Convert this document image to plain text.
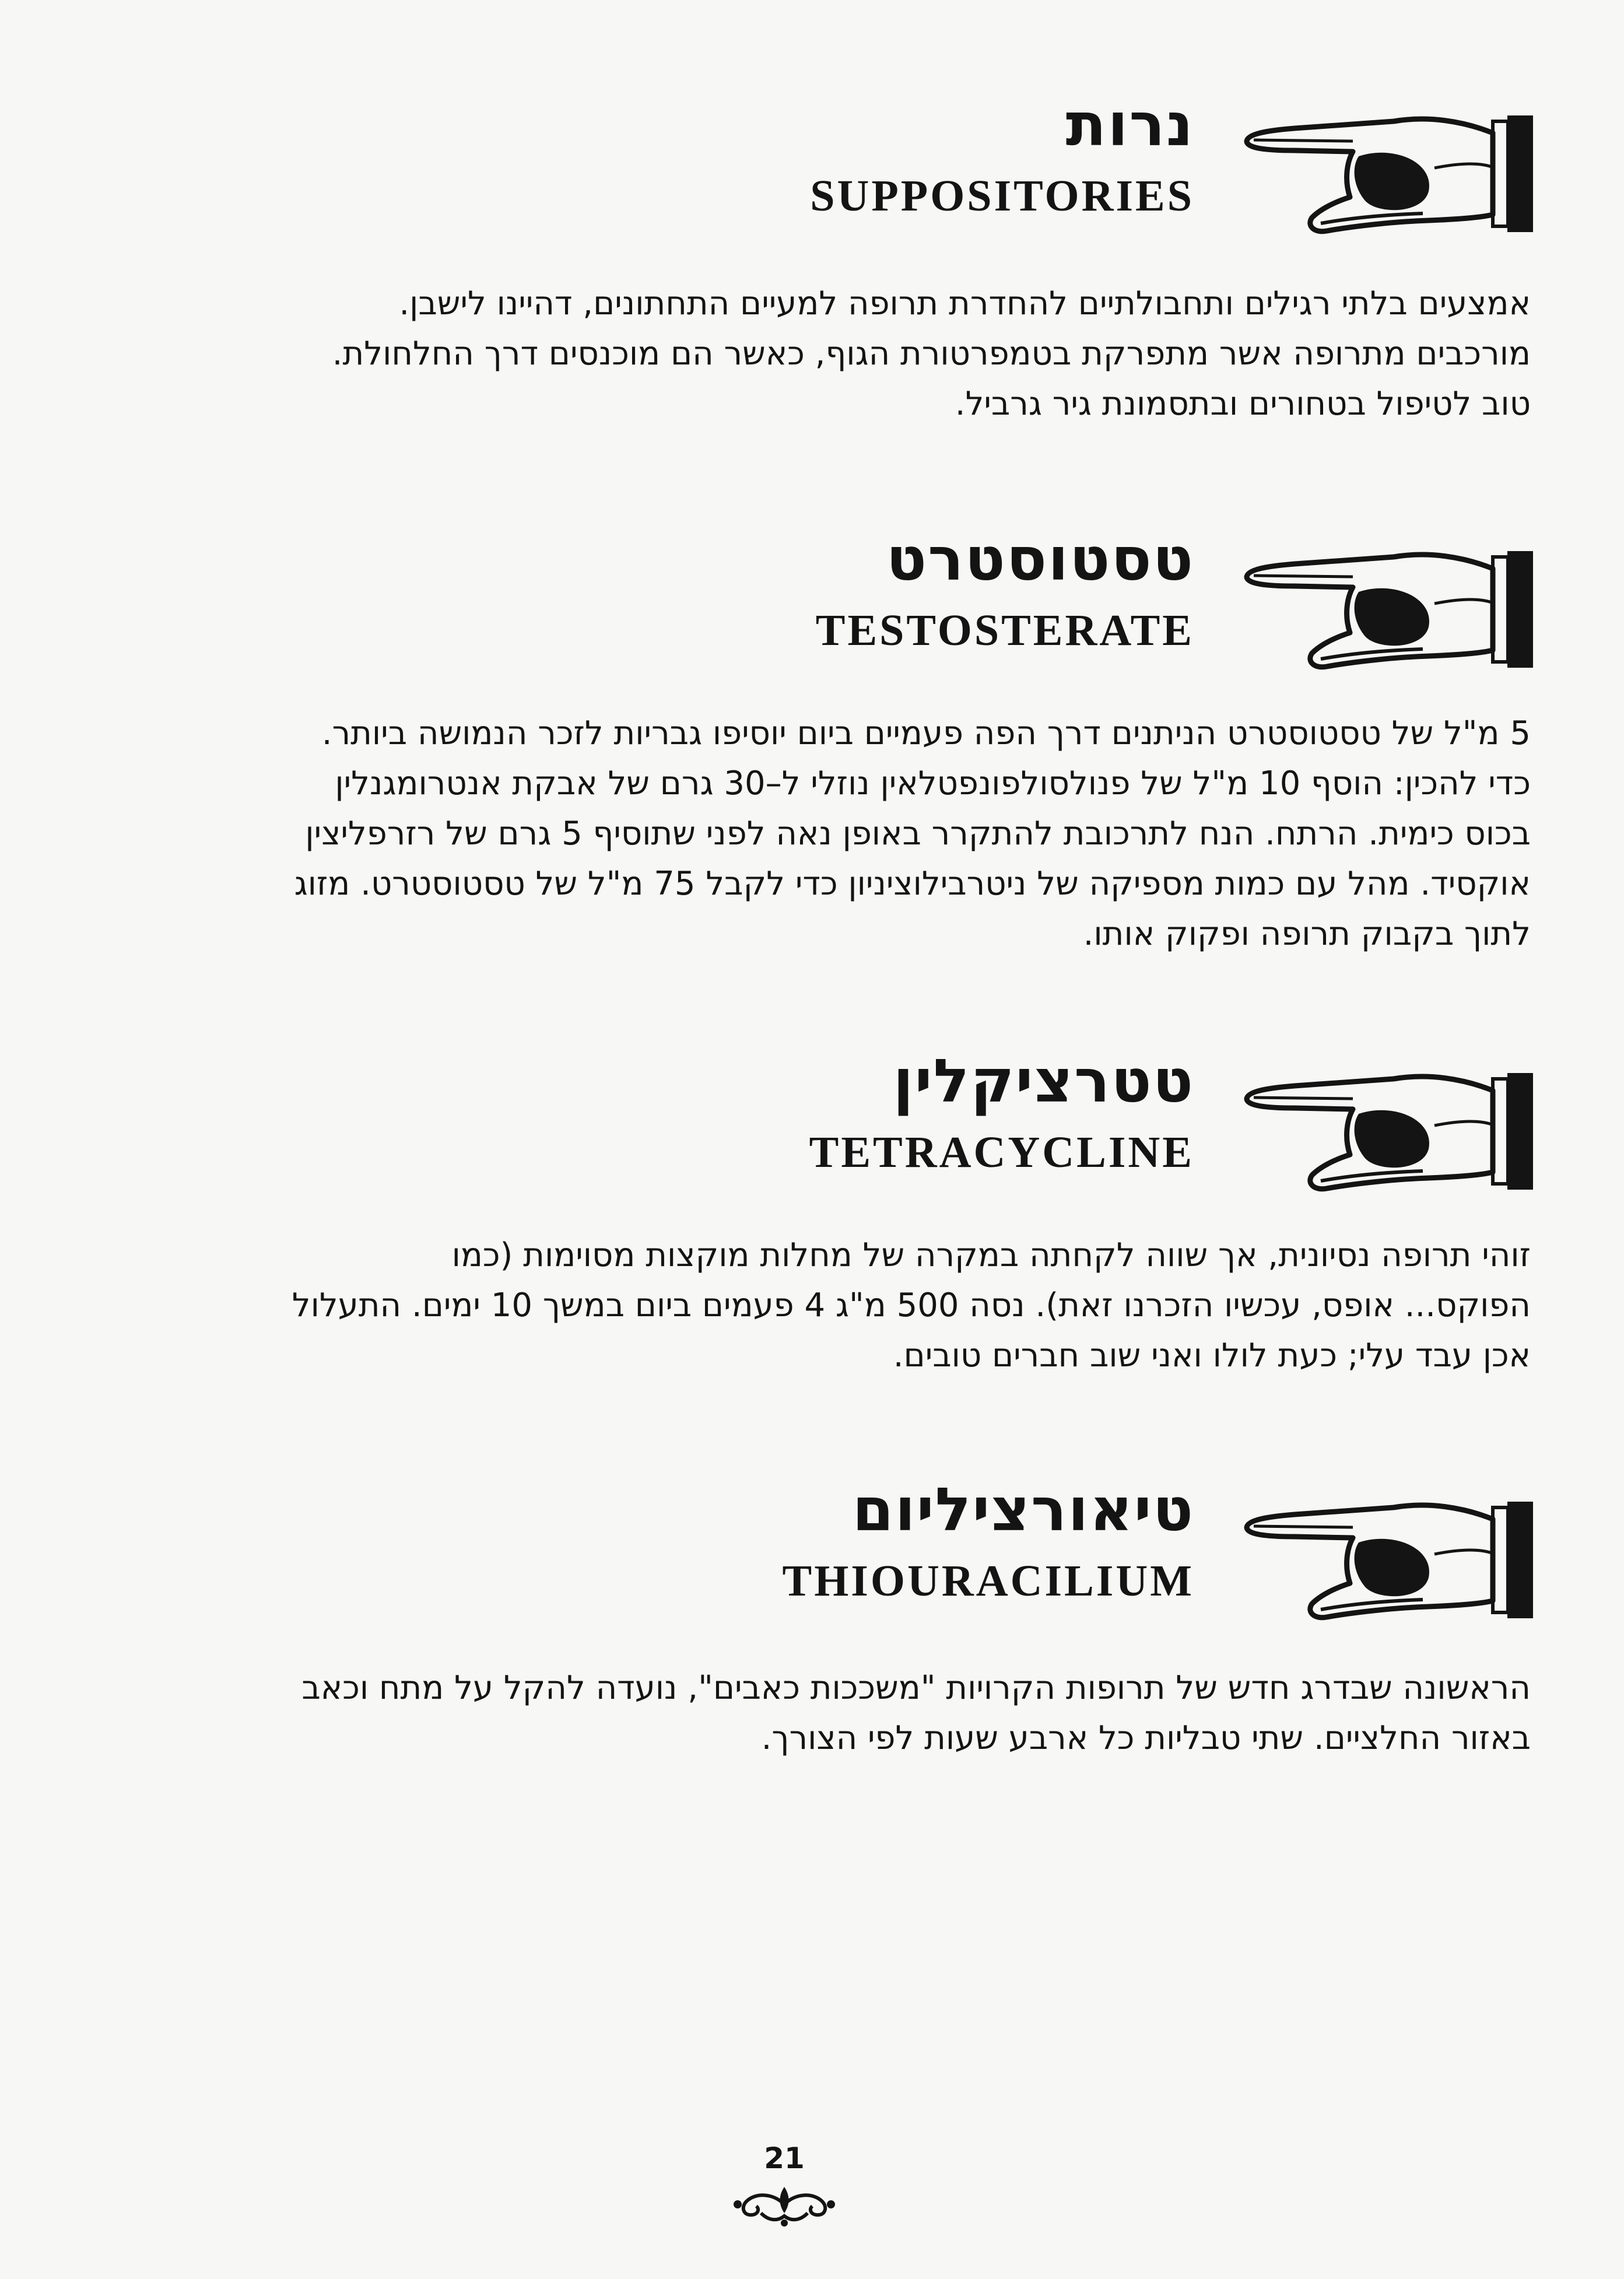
נרות
SUPPOSITORIES
אמצעים בלתי רגילים ותחבולתיים להחדרת תרופה למעיים התחתונים, דהיינו לישבן.
מורכבים מתרופה אשר מתפרקת בטמפרטורת הגוף, כאשר הם מוכנסים דרך החלחולת.
טוב לטיפול בטחורים ובתסמונת גיר גרביל.
טסטוסטרט
TESTOSTERATE
5 מ"ל של טסטוסטרט הניתנים דרך הפה פעמיים ביום יוסיפו גבריות לזכר הנמושה ביותר.
כדי להכין: הוסף 10 מ"ל של פנולסולפונפטלאין נוזלי ל–30 גרם של אבקת אנטרומגנלין
בכוס כימית. הרתח. הנח לתרכובת להתקרר באופן נאה לפני שתוסיף 5 גרם של רזרפליצין
אוקסיד. מהל עם כמות מספיקה של ניטרבילוציניון כדי לקבל 75 מ"ל של טסטוסטרט. מזוג
לתוך בקבוק תרופה ופקוק אותו.
טטרציקלין
TETRACYCLINE
זוהי תרופה נסיונית, אך שווה לקחתה במקרה של מחלות מוקצות מסוימות (כמו
הפוקס... אופס, עכשיו הזכרנו זאת). נסה 500 מ"ג 4 פעמים ביום במשך 10 ימים. התעלול
אכן עבד עלי; כעת לולו ואני שוב חברים טובים.
טיאורציליום
THIOURACILIUM
הראשונה שבדרג חדש של תרופות הקרויות "משככות כאבים", נועדה להקל על מתח וכאב
באזור החלציים. שתי טבליות כל ארבע שעות לפי הצורך.
21
